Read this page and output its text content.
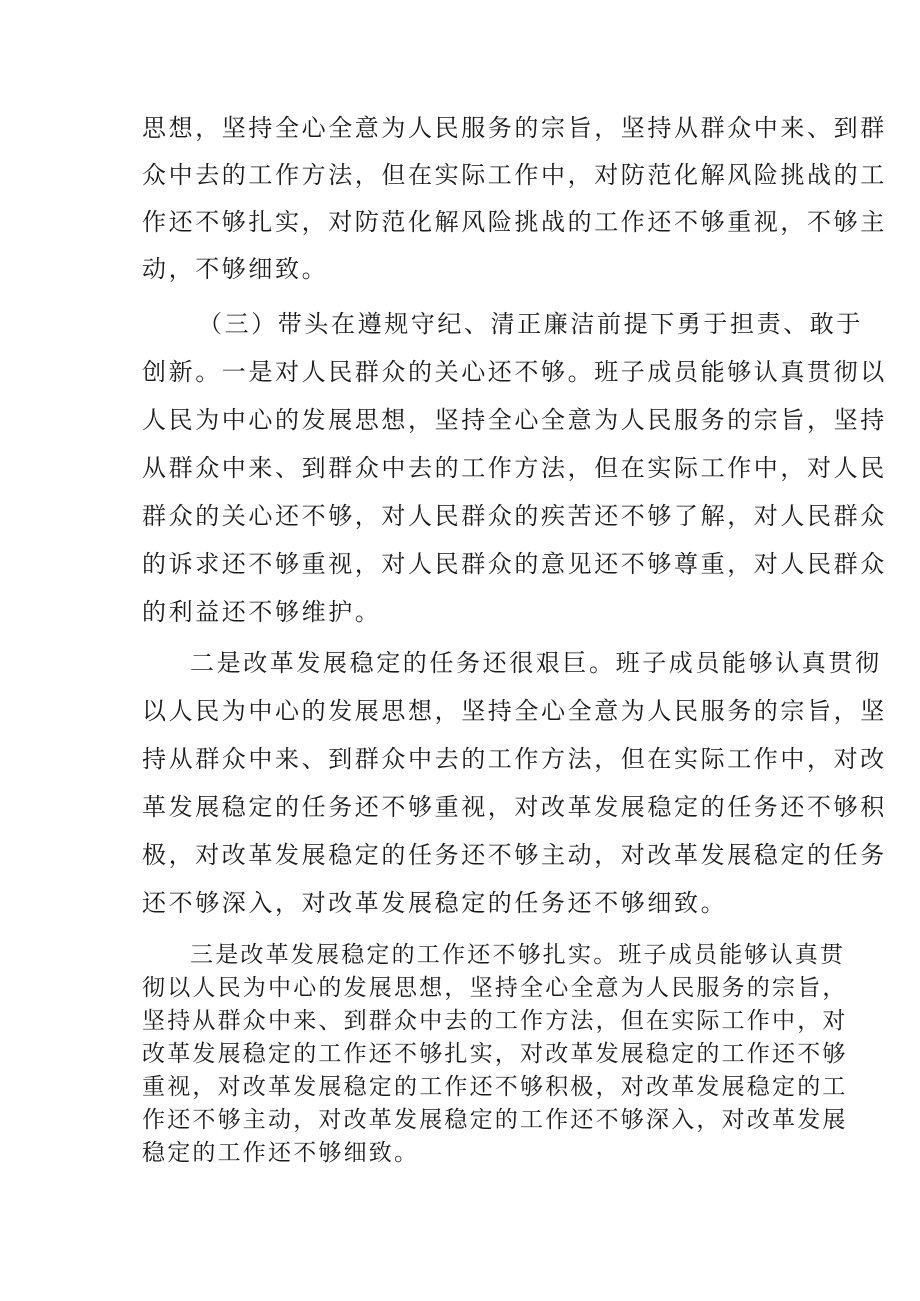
思想，坚持全心全意为人民服务的宗旨，坚持从群众中来、到群
众中去的工作方法，但在实际工作中，对防范化解风险挑战的工
作还不够扎实，对防范化解风险挑战的工作还不够重视，不够主
动，不够细致。
（三）带头在遵规守纪、清正廉洁前提下勇于担责、敢于
创新。一是对人民群众的关心还不够。班子成员能够认真贯彻以
人民为中心的发展思想，坚持全心全意为人民服务的宗旨，坚持
从群众中来、到群众中去的工作方法，但在实际工作中，对人民
群众的关心还不够，对人民群众的疾苦还不够了解，对人民群众
的诉求还不够重视，对人民群众的意见还不够尊重，对人民群众
的利益还不够维护。
二是改革发展稳定的任务还很艰巨。班子成员能够认真贯彻
以人民为中心的发展思想，坚持全心全意为人民服务的宗旨，坚
持从群众中来、到群众中去的工作方法，但在实际工作中，对改
革发展稳定的任务还不够重视，对改革发展稳定的任务还不够积
极，对改革发展稳定的任务还不够主动，对改革发展稳定的任务
还不够深入，对改革发展稳定的任务还不够细致。
三是改革发展稳定的工作还不够扎实。班子成员能够认真贯
彻以人民为中心的发展思想，坚持全心全意为人民服务的宗旨，
坚持从群众中来、到群众中去的工作方法，但在实际工作中，对
改革发展稳定的工作还不够扎实，对改革发展稳定的工作还不够
重视，对改革发展稳定的工作还不够积极，对改革发展稳定的工
作还不够主动，对改革发展稳定的工作还不够深入，对改革发展
稳定的工作还不够细致。
